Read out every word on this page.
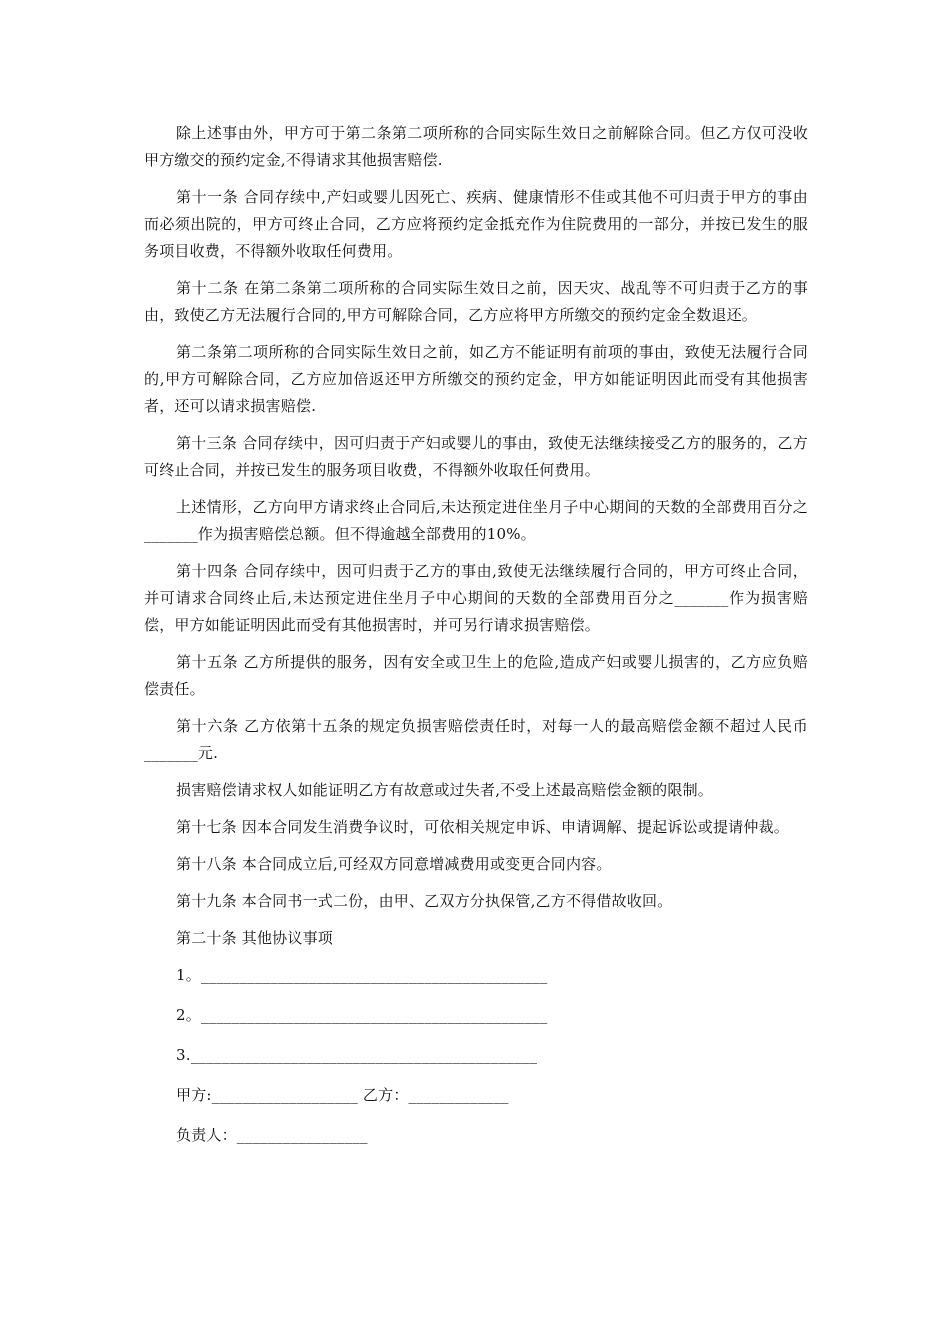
除上述事由外，甲方可于第二条第二项所称的合同实际生效日之前解除合同。但乙方仅可没收甲方缴交的预约定金,不得请求其他损害赔偿.

第十一条 合同存续中,产妇或婴儿因死亡、疾病、健康情形不佳或其他不可归责于甲方的事由而必须出院的，甲方可终止合同，乙方应将预约定金抵充作为住院费用的一部分，并按已发生的服务项目收费，不得额外收取任何费用。

第十二条 在第二条第二项所称的合同实际生效日之前，因天灾、战乱等不可归责于乙方的事由，致使乙方无法履行合同的,甲方可解除合同，乙方应将甲方所缴交的预约定金全数退还。

第二条第二项所称的合同实际生效日之前，如乙方不能证明有前项的事由，致使无法履行合同的,甲方可解除合同，乙方应加倍返还甲方所缴交的预约定金，甲方如能证明因此而受有其他损害者，还可以请求损害赔偿.

第十三条 合同存续中，因可归责于产妇或婴儿的事由，致使无法继续接受乙方的服务的，乙方可终止合同，并按已发生的服务项目收费，不得额外收取任何费用。

上述情形，乙方向甲方请求终止合同后,未达预定进住坐月子中心期间的天数的全部费用百分之_______作为损害赔偿总额。但不得逾越全部费用的10%。

第十四条 合同存续中，因可归责于乙方的事由,致使无法继续履行合同的，甲方可终止合同，并可请求合同终止后,未达预定进住坐月子中心期间的天数的全部费用百分之_______作为损害赔偿，甲方如能证明因此而受有其他损害时，并可另行请求损害赔偿。

第十五条 乙方所提供的服务，因有安全或卫生上的危险,造成产妇或婴儿损害的，乙方应负赔偿责任。

第十六条 乙方依第十五条的规定负损害赔偿责任时，对每一人的最高赔偿金额不超过人民币_______元.

损害赔偿请求权人如能证明乙方有故意或过失者,不受上述最高赔偿金额的限制。

第十七条 因本合同发生消费争议时，可依相关规定申诉、申请调解、提起诉讼或提请仲裁。

第十八条 本合同成立后,可经双方同意增减费用或变更合同内容。

第十九条 本合同书一式二份，由甲、乙双方分执保管,乙方不得借故收回。

第二十条 其他协议事项

1。_____________________________________________

2。_____________________________________________

3._____________________________________________

甲方:___________________ 乙方：_____________

负责人：_________________
